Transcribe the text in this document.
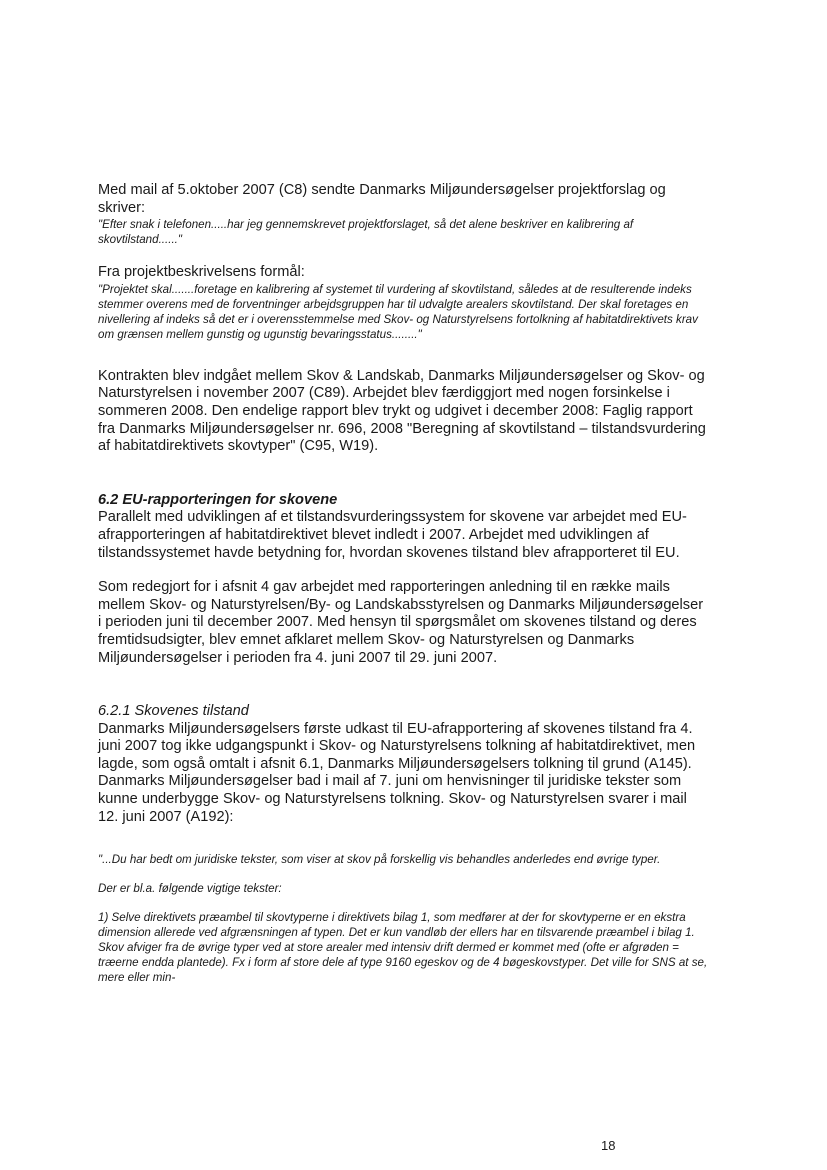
Med mail af 5.oktober 2007 (C8) sendte Danmarks Miljøundersøgelser projektforslag og skriver:

"Efter snak i telefonen.....har jeg gennemskrevet projektforslaget, så det alene beskriver en kalibrering af skovtilstand......"

Fra projektbeskrivelsens formål:

"Projektet skal.......foretage en kalibrering af systemet til vurdering af skovtilstand, således at de resulterende indeks stemmer overens med de forventninger arbejdsgruppen har til udvalgte arealers skovtilstand. Der skal foretages en nivellering af indeks så det er i overensstemmelse med Skov- og Naturstyrelsens fortolkning af habitatdirektivets krav om grænsen mellem gunstig og ugunstig bevaringsstatus........"

Kontrakten blev indgået mellem Skov & Landskab, Danmarks Miljøundersøgelser og Skov- og Naturstyrelsen i november 2007 (C89). Arbejdet blev færdiggjort med nogen forsinkelse i sommeren 2008. Den endelige rapport blev trykt og udgivet i december 2008: Faglig rapport fra Danmarks Miljøundersøgelser nr. 696, 2008 "Beregning af skovtilstand – tilstandsvurdering af habitatdirektivets skovtyper" (C95, W19).

6.2 EU-rapporteringen for skovene

Parallelt med udviklingen af et tilstandsvurderingssystem for skovene var arbejdet med EU-afrapporteringen af habitatdirektivet blevet indledt i 2007. Arbejdet med udviklingen af tilstandssystemet havde betydning for, hvordan skovenes tilstand blev afrapporteret til EU.

Som redegjort for i afsnit 4 gav arbejdet med rapporteringen anledning til en række mails mellem Skov- og Naturstyrelsen/By- og Landskabsstyrelsen og Danmarks Miljøundersøgelser i perioden juni til december 2007. Med hensyn til spørgsmålet om skovenes tilstand og deres fremtidsudsigter, blev emnet afklaret mellem Skov- og Naturstyrelsen og Danmarks Miljøundersøgelser i perioden fra 4. juni 2007 til 29. juni 2007.

6.2.1 Skovenes tilstand

Danmarks Miljøundersøgelsers første udkast til EU-afrapportering af skovenes tilstand fra 4. juni 2007 tog ikke udgangspunkt i Skov- og Naturstyrelsens tolkning af habitatdirektivet, men lagde, som også omtalt i afsnit 6.1, Danmarks Miljøundersøgelsers tolkning til grund (A145). Danmarks Miljøundersøgelser bad i mail af 7. juni om henvisninger til juridiske tekster som kunne underbygge Skov- og Naturstyrelsens tolkning. Skov- og Naturstyrelsen svarer i mail 12. juni 2007 (A192):

"...Du har bedt om juridiske tekster, som viser at skov på forskellig vis behandles anderledes end øvrige typer.

Der er bl.a. følgende vigtige tekster:

1) Selve direktivets præambel til skovtyperne i direktivets bilag 1, som medfører at der for skovtyperne er en ekstra dimension allerede ved afgrænsningen af typen. Det er kun vandløb der ellers har en tilsvarende præambel i bilag 1. Skov afviger fra de øvrige typer ved at store arealer med intensiv drift dermed er kommet med (ofte er afgrøden = træerne endda plantede). Fx i form af store dele af type 9160 egeskov og de 4 bøgeskovstyper. Det ville for SNS at se, mere eller min-

18
